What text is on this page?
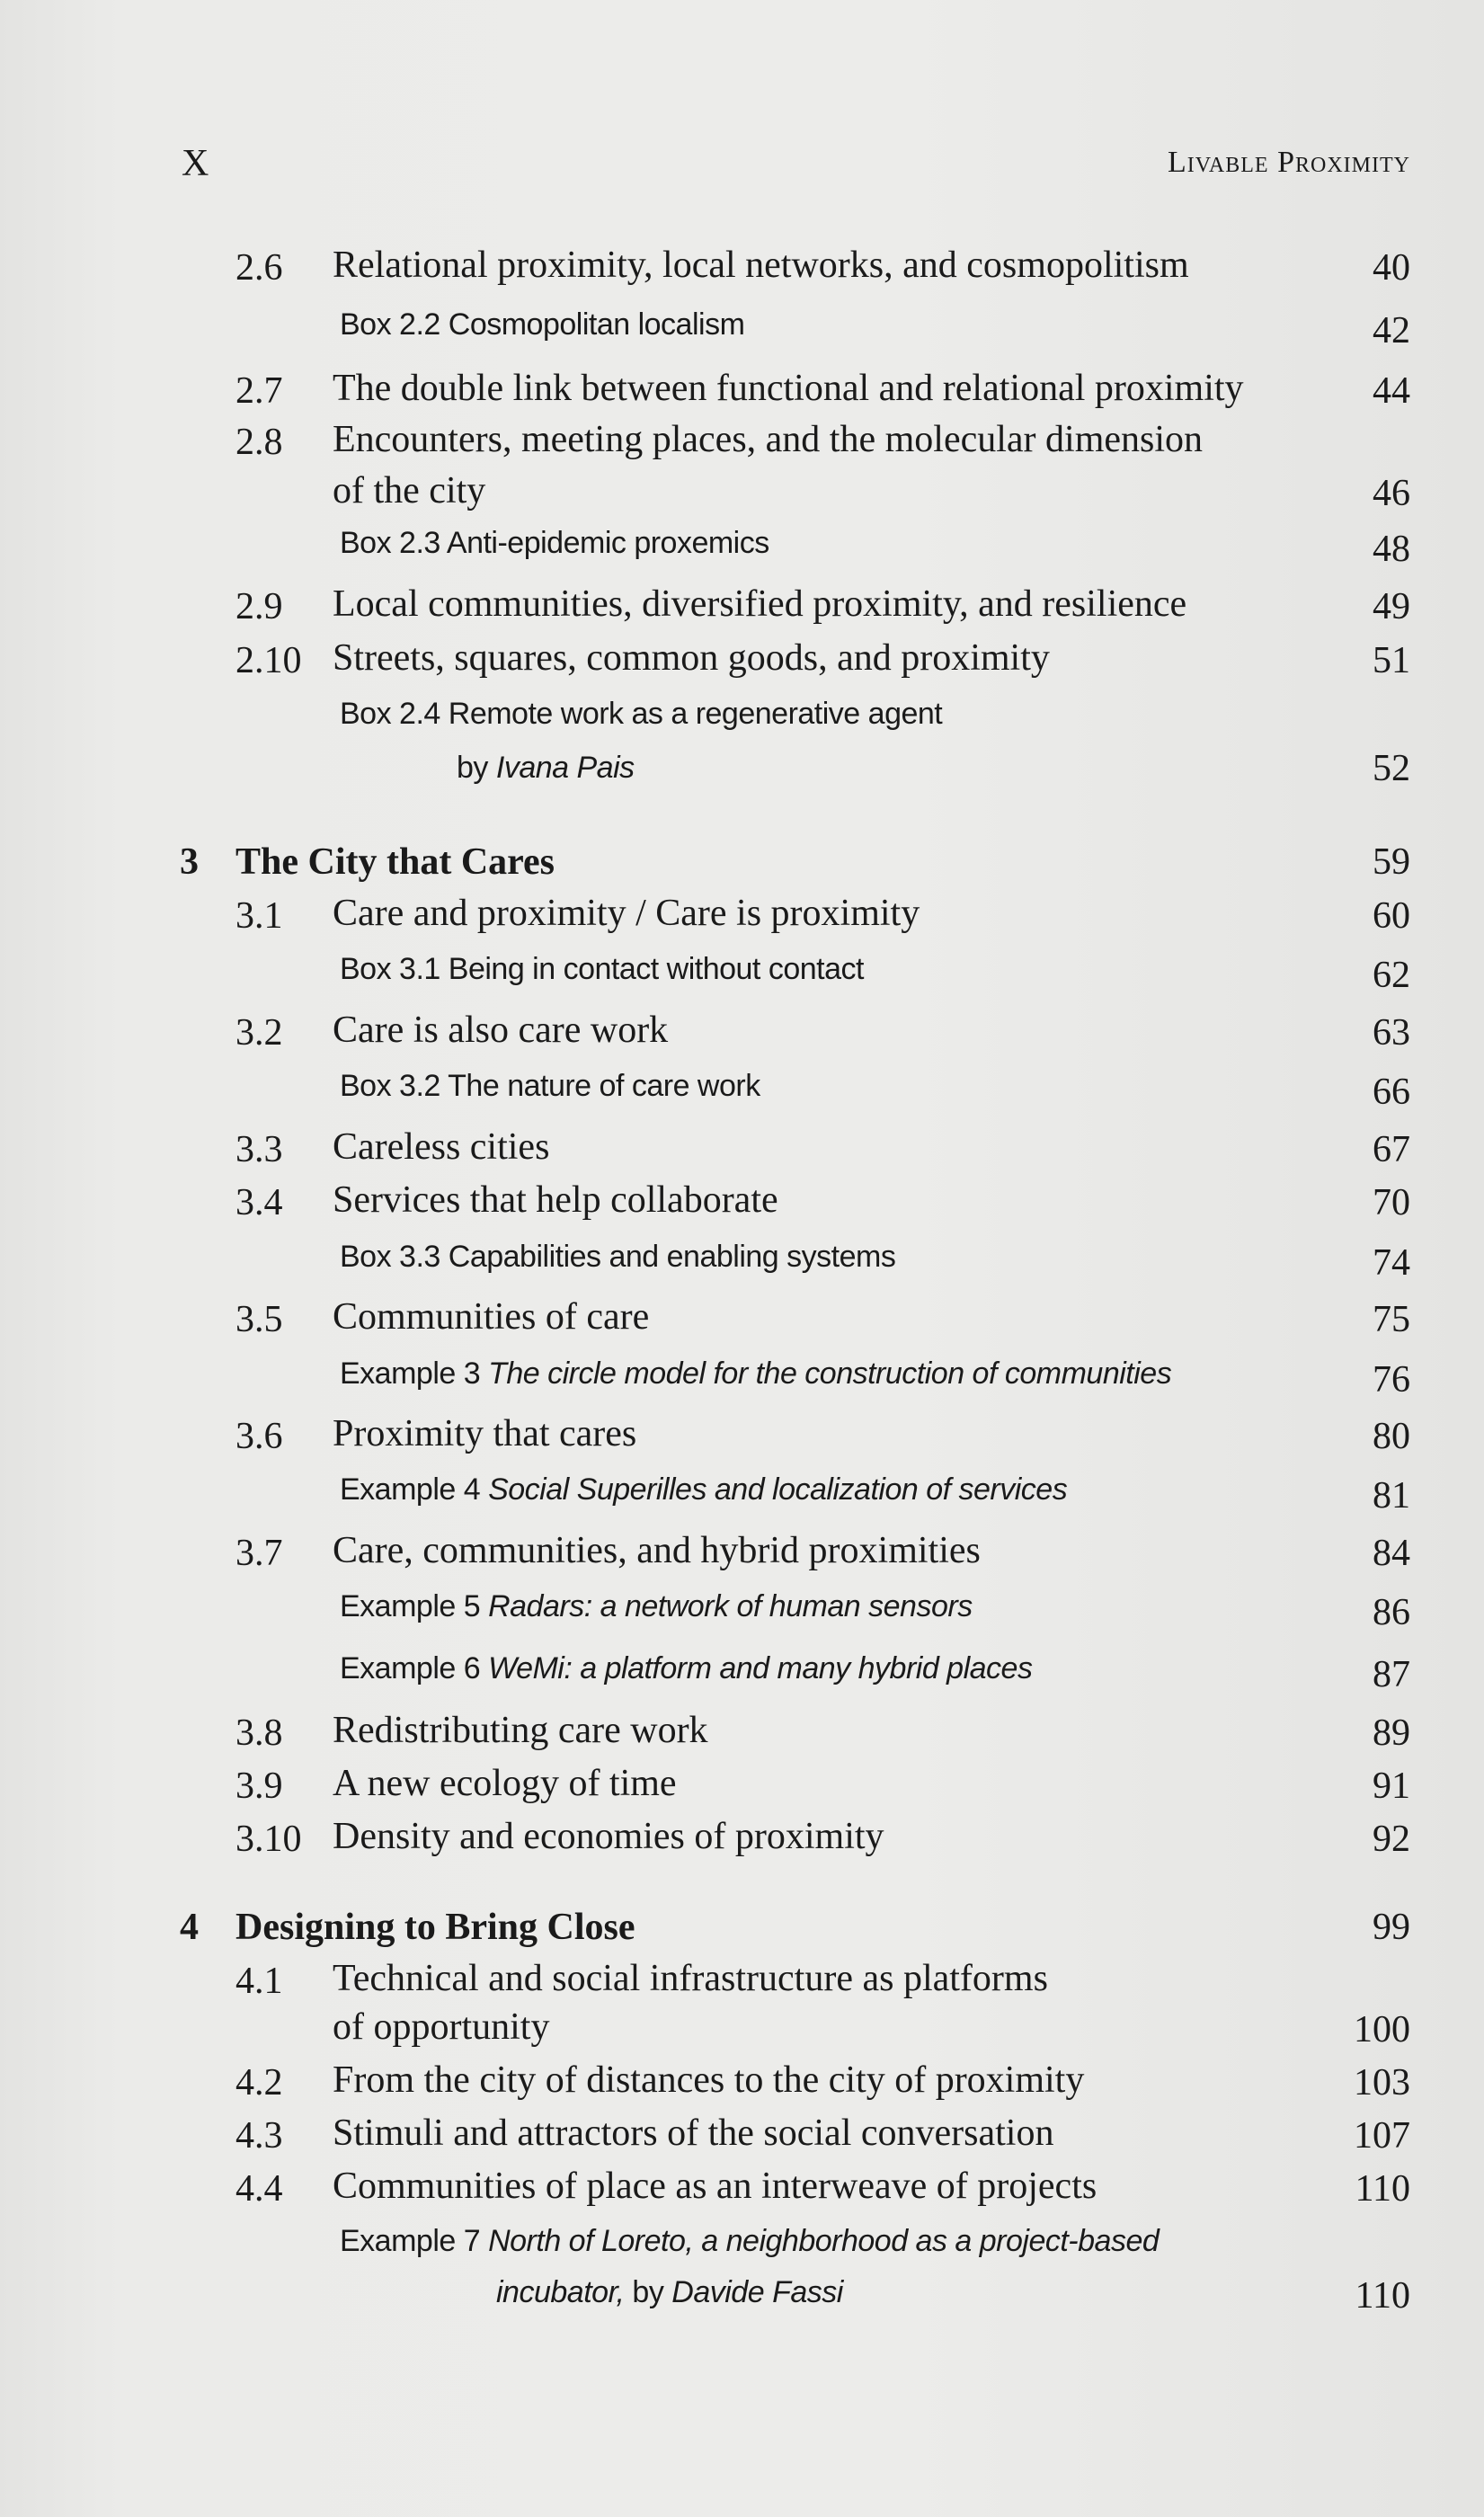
X	Livable Proximity
2.6 Relational proximity, local networks, and cosmopolitism	40
Box 2.2 Cosmopolitan localism	42
2.7 The double link between functional and relational proximity	44
2.8 Encounters, meeting places, and the molecular dimension
of the city	46
Box 2.3 Anti-epidemic proxemics	48
2.9 Local communities, diversified proximity, and resilience	49
2.10 Streets, squares, common goods, and proximity	51
Box 2.4 Remote work as a regenerative agent
by Ivana Pais	52
3 The City that Cares	59
3.1 Care and proximity / Care is proximity	60
Box 3.1 Being in contact without contact	62
3.2 Care is also care work	63
Box 3.2 The nature of care work	66
3.3 Careless cities	67
3.4 Services that help collaborate	70
Box 3.3 Capabilities and enabling systems	74
3.5 Communities of care	75
Example 3 The circle model for the construction of communities	76
3.6 Proximity that cares	80
Example 4 Social Superilles and localization of services	81
3.7 Care, communities, and hybrid proximities	84
Example 5 Radars: a network of human sensors	86
Example 6 WeMi: a platform and many hybrid places	87
3.8 Redistributing care work	89
3.9 A new ecology of time	91
3.10 Density and economies of proximity	92
4 Designing to Bring Close	99
4.1 Technical and social infrastructure as platforms
of opportunity	100
4.2 From the city of distances to the city of proximity	103
4.3 Stimuli and attractors of the social conversation	107
4.4 Communities of place as an interweave of projects	110
Example 7 North of Loreto, a neighborhood as a project-based
incubator, by Davide Fassi	110
